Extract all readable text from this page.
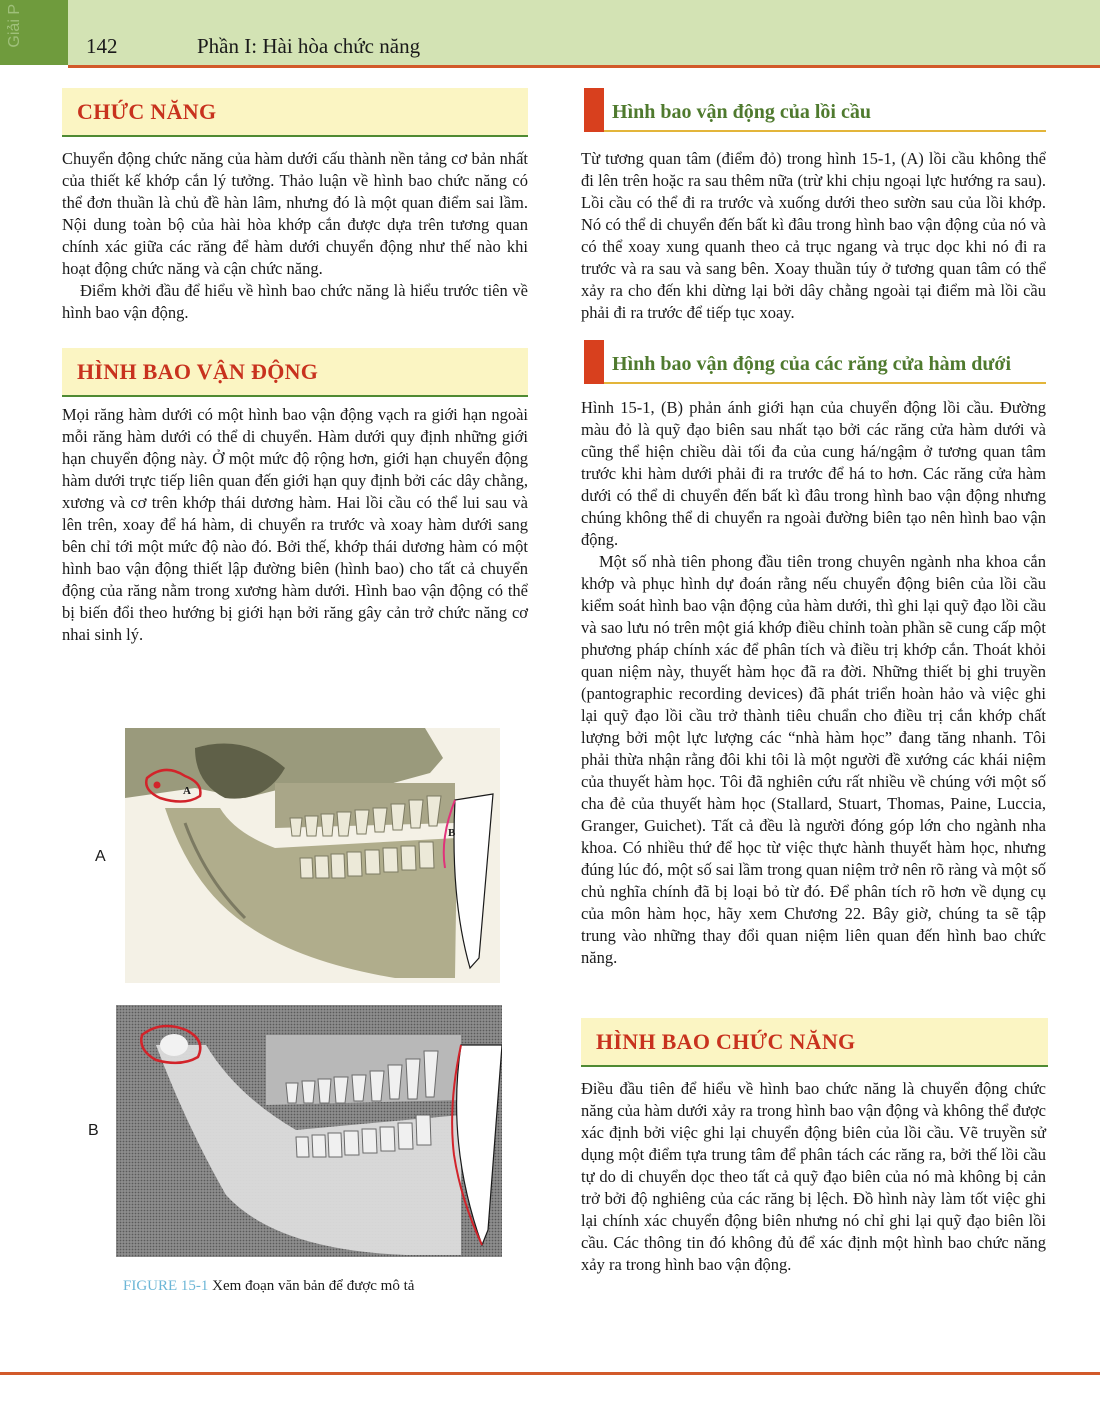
Giải P	142	Phần I: Hài hòa chức năng
CHỨC NĂNG

Chuyển động chức năng của hàm dưới cấu thành nền tảng cơ bản nhất của thiết kế khớp cắn lý tưởng. Thảo luận về hình bao chức năng có thể đơn thuần là chủ đề hàn lâm, nhưng đó là một quan điểm sai lầm. Nội dung toàn bộ của hài hòa khớp cắn được dựa trên tương quan chính xác giữa các răng để hàm dưới chuyển động như thế nào khi hoạt động chức năng và cận chức năng.

Điểm khởi đầu để hiểu về hình bao chức năng là hiểu trước tiên về hình bao vận động.

HÌNH BAO VẬN ĐỘNG

Mọi răng hàm dưới có một hình bao vận động vạch ra giới hạn ngoài mỗi răng hàm dưới có thể di chuyển. Hàm dưới quy định những giới hạn chuyển động này. Ở một mức độ rộng hơn, giới hạn chuyển động hàm dưới trực tiếp liên quan đến giới hạn quy định bởi các dây chằng, xương và cơ trên khớp thái dương hàm. Hai lồi cầu có thể lui sau và lên trên, xoay để há hàm, di chuyển ra trước và xoay hàm dưới sang bên chỉ tới một mức độ nào đó. Bởi thế, khớp thái dương hàm có một hình bao vận động thiết lập đường biên (hình bao) cho tất cả chuyển động của răng nằm trong xương hàm dưới. Hình bao vận động có thể bị biến đổi theo hướng bị giới hạn bởi răng gây cản trở chức năng cơ nhai sinh lý.

A
A
B
B
FIGURE 15-1 Xem đoạn văn bản để được mô tả
Hình bao vận động của lồi cầu

Từ tương quan tâm (điểm đỏ) trong hình 15-1, (A) lồi cầu không thể đi lên trên hoặc ra sau thêm nữa (trừ khi chịu ngoại lực hướng ra sau). Lồi cầu có thể đi ra trước và xuống dưới theo sườn sau của lồi khớp. Nó có thể di chuyển đến bất kì đâu trong hình bao vận động của nó và có thể xoay xung quanh theo cả trục ngang và trục dọc khi nó đi ra trước và ra sau và sang bên. Xoay thuần túy ở tương quan tâm có thể xảy ra cho đến khi dừng lại bởi dây chằng ngoài tại điểm mà lồi cầu phải đi ra trước để tiếp tục xoay.

Hình bao vận động của các răng cửa hàm dưới

Hình 15-1, (B) phản ánh giới hạn của chuyển động lồi cầu. Đường màu đỏ là quỹ đạo biên sau nhất tạo bởi các răng cửa hàm dưới và cũng thể hiện chiều dài tối đa của cung há/ngậm ở tương quan tâm trước khi hàm dưới phải đi ra trước để há to hơn. Các răng cửa hàm dưới có thể di chuyển đến bất kì đâu trong hình bao vận động nhưng chúng không thể di chuyển ra ngoài đường biên tạo nên hình bao vận động.

Một số nhà tiên phong đầu tiên trong chuyên ngành nha khoa cắn khớp và phục hình dự đoán rằng nếu chuyển động biên của lồi cầu kiểm soát hình bao vận động của hàm dưới, thì ghi lại quỹ đạo lồi cầu và sao lưu nó trên một giá khớp điều chỉnh toàn phần sẽ cung cấp một phương pháp chính xác để phân tích và điều trị khớp cắn. Thoát khỏi quan niệm này, thuyết hàm học đã ra đời. Những thiết bị ghi truyền (pantographic recording devices) đã phát triển hoàn hảo và việc ghi lại quỹ đạo lồi cầu trở thành tiêu chuẩn cho điều trị cắn khớp chất lượng bởi một lực lượng các “nhà hàm học” đang tăng nhanh. Tôi phải thừa nhận rằng đôi khi tôi là một người đề xướng các khái niệm của thuyết hàm học. Tôi đã nghiên cứu rất nhiều về chúng với một số cha đẻ của thuyết hàm học (Stallard, Stuart, Thomas, Paine, Luccia, Granger, Guichet). Tất cả đều là người đóng góp lớn cho ngành nha khoa. Có nhiều thứ để học từ việc thực hành thuyết hàm học, nhưng đúng lúc đó, một số sai lầm trong quan niệm trở nên rõ ràng và một số chủ nghĩa chính đã bị loại bỏ từ đó. Để phân tích rõ hơn về dụng cụ của môn hàm học, hãy xem Chương 22. Bây giờ, chúng ta sẽ tập trung vào những thay đổi quan niệm liên quan đến hình bao chức năng.

HÌNH BAO CHỨC NĂNG

Điều đầu tiên để hiểu về hình bao chức năng là chuyển động chức năng của hàm dưới xảy ra trong hình bao vận động và không thể được xác định bởi việc ghi lại chuyển động biên của lồi cầu. Vẽ truyền sử dụng một điểm tựa trung tâm để phân tách các răng ra, bởi thế lồi cầu tự do di chuyển dọc theo tất cả quỹ đạo biên của nó mà không bị cản trở bởi độ nghiêng của các răng bị lệch. Đồ hình này làm tốt việc ghi lại chính xác chuyển động biên nhưng nó chỉ ghi lại quỹ đạo biên lồi cầu. Các thông tin đó không đủ để xác định một hình bao chức năng xảy ra trong hình bao vận động.
